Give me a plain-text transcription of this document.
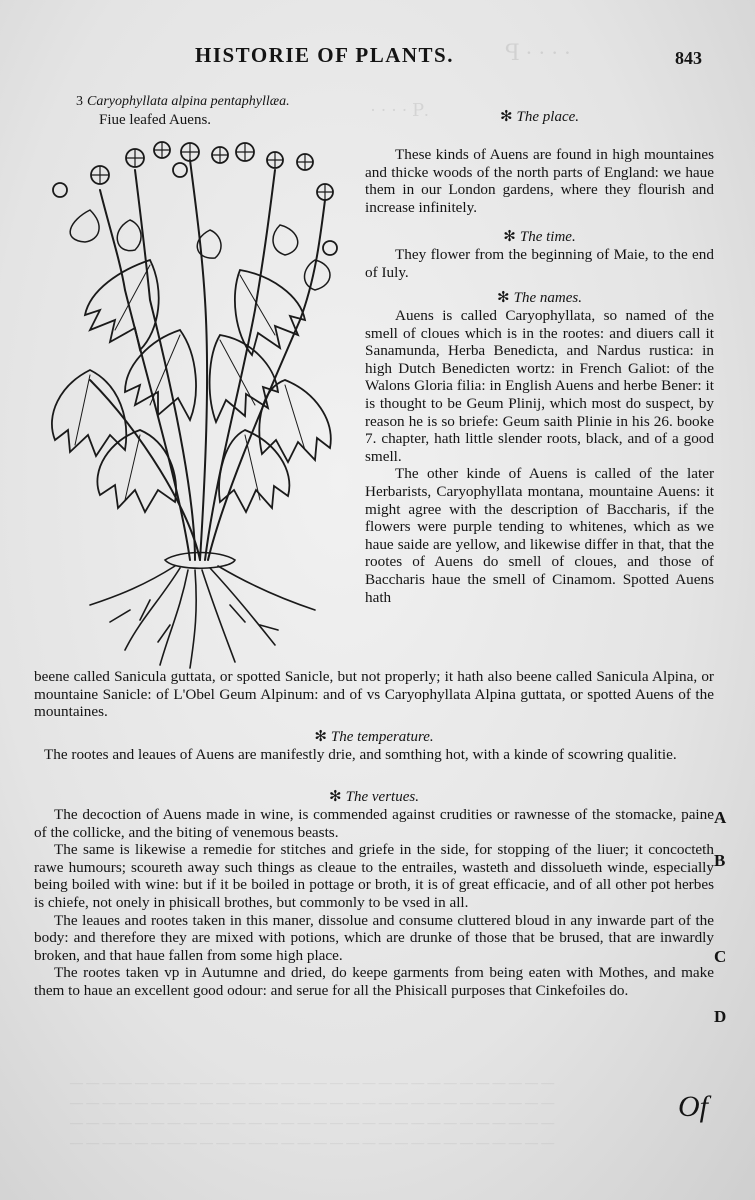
ꟼ · · · ·
.ꟼ · · · ·
— — — — — — — — — — — — — — — — — — — — — — — — — — — — — —
— — — — — — — — — — — — — — — — — — — — — — — — — — — — — —
— — — — — — — — — — — — — — — — — — — — — — — — — — — — — —
— — — — — — — — — — — — — — — — — — — — — — — — — — — — — —
HISTORIE OF PLANTS.	843
3 Caryophyllata alpina pentaphyllæa.
Fiue leafed Auens.	✻ The place.

These kinds of Auens are found in high mountaines and thicke woods of the north parts of England: we haue them in our London gardens, where they flourish and increase infinitely.

✻ The time.

They flower from the beginning of Maie, to the end of Iuly.

✻ The names.

Auens is called Caryophyllata, so named of the smell of cloues which is in the rootes: and diuers call it Sanamunda, Herba Benedicta, and Nardus rustica: in high Dutch Benedicten wortz: in French Galiot: of the Walons Gloria filia: in English Auens and herbe Bener: it is thought to be Geum Plinij, which most do suspect, by reason he is so briefe: Geum saith Plinie in his 26. booke 7. chapter, hath little slender roots, black, and of a good smell.

The other kinde of Auens is called of the later Herbarists, Caryophyllata montana, mountaine Auens: it might agree with the description of Baccharis, if the flowers were purple tending to whitenes, which as we haue saide are yellow, and likewise differ in that, that the rootes of Auens do smell of cloues, and those of Baccharis haue the smell of Cinamom. Spotted Auens hath

beene called Sanicula guttata, or spotted Sanicle, but not properly; it hath also beene called Sanicula Alpina, or mountaine Sanicle: of L'Obel Geum Alpinum: and of vs Caryophyllata Alpina guttata, or spotted Auens of the mountaines.

✻ The temperature.

The rootes and leaues of Auens are manifestly drie, and somthing hot, with a kinde of scowring qualitie.

✻ The vertues.

The decoction of Auens made in wine, is commended against crudities or rawnesse of the stomacke, paine of the collicke, and the biting of venemous beasts.

The same is likewise a remedie for stitches and griefe in the side, for stopping of the liuer; it concocteth rawe humours; scoureth away such things as cleaue to the entrailes, wasteth and dissolueth winde, especially being boiled with wine: but if it be boiled in pottage or broth, it is of great efficacie, and of all other pot herbes is chiefe, not onely in phisicall brothes, but commonly to be vsed in all.

The leaues and rootes taken in this maner, dissolue and consume cluttered bloud in any inwarde part of the body: and therefore they are mixed with potions, which are drunke of those that be brused, that are inwardly broken, and that haue fallen from some high place.

The rootes taken vp in Autumne and dried, do keepe garments from being eaten with Mothes, and make them to haue an excellent good odour: and serue for all the Phisicall purposes that Cinkefoiles do.

A
B
C
D
Of
